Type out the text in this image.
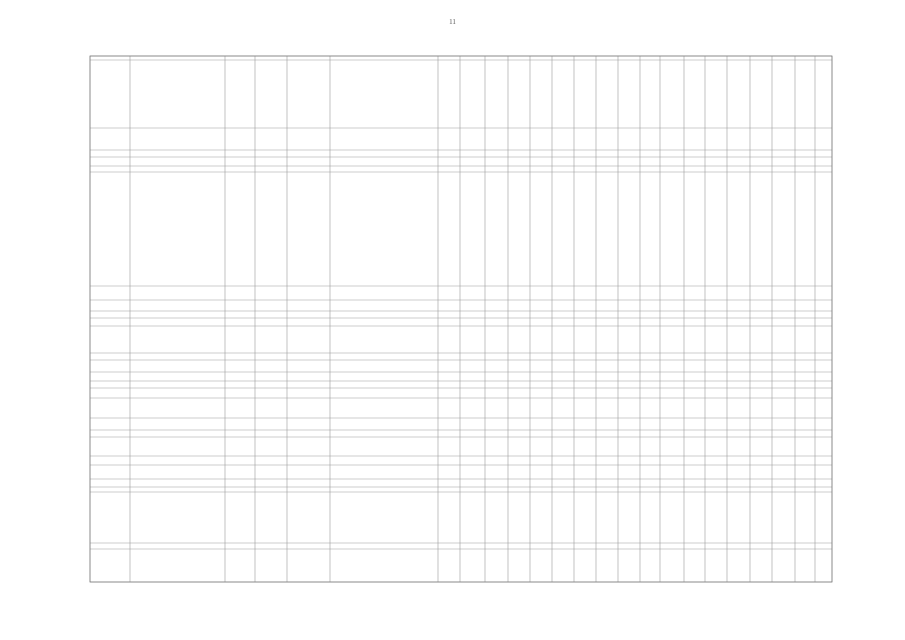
11
